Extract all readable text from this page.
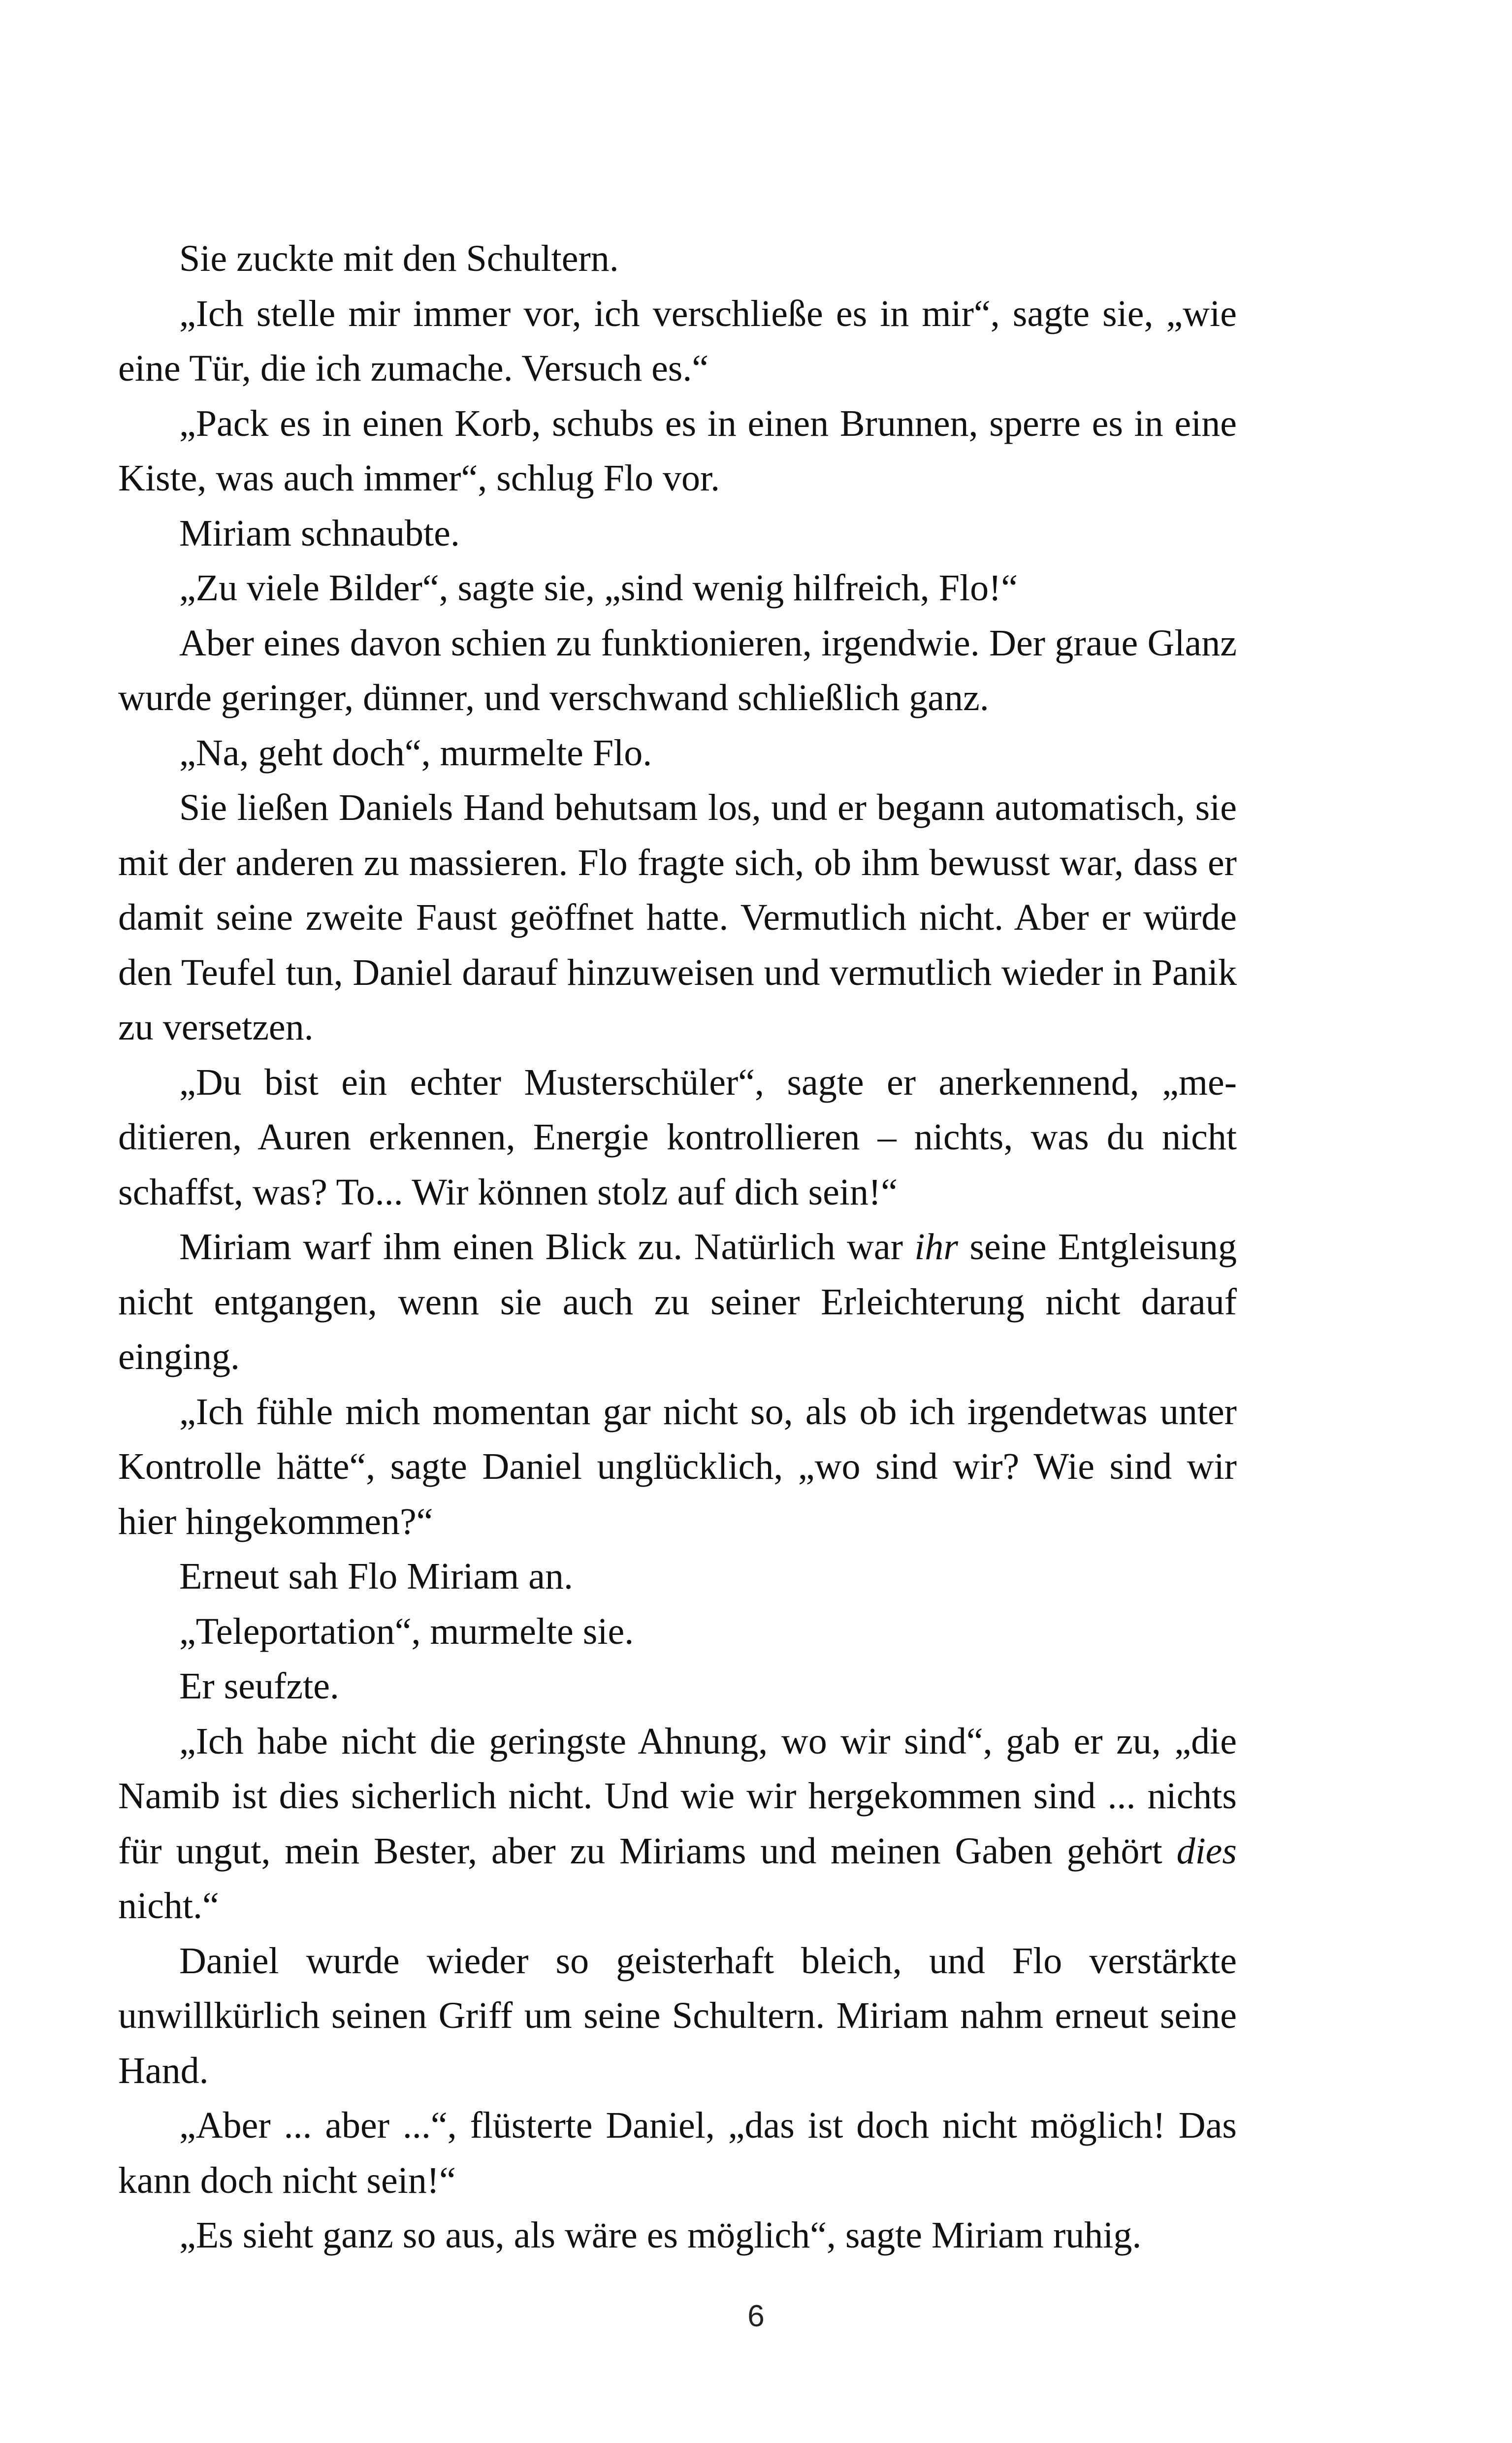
Sie zuckte mit den Schultern.

„Ich stelle mir immer vor, ich verschließe es in mir“, sagte sie, „wie eine Tür, die ich zumache. Versuch es.“

„Pack es in einen Korb, schubs es in einen Brunnen, sperre es in eine Kiste, was auch immer“, schlug Flo vor.

Miriam schnaubte.

„Zu viele Bilder“, sagte sie, „sind wenig hilfreich, Flo!“

Aber eines davon schien zu funktionieren, irgendwie. Der graue Glanz wurde geringer, dünner, und verschwand schließlich ganz.

„Na, geht doch“, murmelte Flo.

Sie ließen Daniels Hand behutsam los, und er begann automatisch, sie mit der anderen zu massieren. Flo fragte sich, ob ihm bewusst war, dass er damit seine zweite Faust geöffnet hatte. Vermutlich nicht. Aber er würde den Teufel tun, Daniel darauf hinzuweisen und vermutlich wieder in Panik zu versetzen.

„Du bist ein echter Musterschüler“, sagte er anerkennend, „meditieren, Auren erkennen, Energie kontrollieren – nichts, was du nicht schaffst, was? To... Wir können stolz auf dich sein!“

Miriam warf ihm einen Blick zu. Natürlich war ihr seine Entgleisung nicht entgangen, wenn sie auch zu seiner Erleichterung nicht darauf einging.

„Ich fühle mich momentan gar nicht so, als ob ich irgendetwas unter Kontrolle hätte“, sagte Daniel unglücklich, „wo sind wir? Wie sind wir hier hingekommen?“

Erneut sah Flo Miriam an.

„Teleportation“, murmelte sie.

Er seufzte.

„Ich habe nicht die geringste Ahnung, wo wir sind“, gab er zu, „die Namib ist dies sicherlich nicht. Und wie wir hergekommen sind ... nichts für ungut, mein Bester, aber zu Miriams und meinen Gaben gehört dies nicht.“

Daniel wurde wieder so geisterhaft bleich, und Flo verstärkte unwillkürlich seinen Griff um seine Schultern. Miriam nahm erneut seine Hand.

„Aber ... aber ...“, flüsterte Daniel, „das ist doch nicht möglich! Das kann doch nicht sein!“

„Es sieht ganz so aus, als wäre es möglich“, sagte Miriam ruhig.

6
